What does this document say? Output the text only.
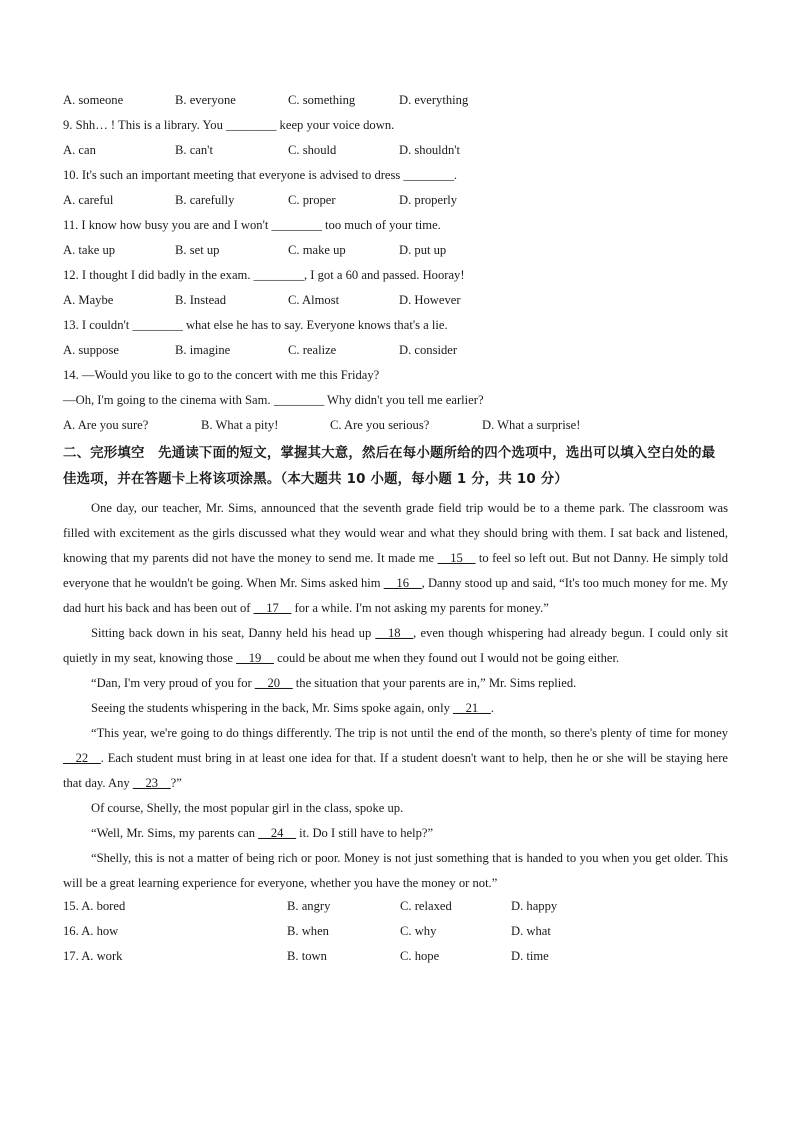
A. someone	B. everyone	C. something	D. everything
9. Shh… ! This is a library. You ________ keep your voice down.
A. can	B. can't	C. should	D. shouldn't
10. It's such an important meeting that everyone is advised to dress ________.
A. careful	B. carefully	C. proper	D. properly
11. I know how busy you are and I won't ________ too much of your time.
A. take up	B. set up	C. make up	D. put up
12. I thought I did badly in the exam. ________, I got a 60 and passed. Hooray!
A. Maybe	B. Instead	C. Almost	D. However
13. I couldn't ________ what else he has to say. Everyone knows that's a lie.
A. suppose	B. imagine	C. realize	D. consider
14. —Would you like to go to the concert with me this Friday?
—Oh, I'm going to the cinema with Sam. ________ Why didn't you tell me earlier?
A. Are you sure?	B. What a pity!	C. Are you serious?	D. What a surprise!
二、完形填空　先通读下面的短文，掌握其大意，然后在每小题所给的四个选项中，选出可以填入空白处的最佳选项，并在答题卡上将该项涂黑。（本大题共 10 小题，每小题 1 分，共 10 分）
One day, our teacher, Mr. Sims, announced that the seventh grade field trip would be to a theme park. The classroom was filled with excitement as the girls discussed what they would wear and what they should bring with them. I sat back and listened, knowing that my parents did not have the money to send me. It made me __15__ to feel so left out. But not Danny. He simply told everyone that he wouldn't be going. When Mr. Sims asked him __16__, Danny stood up and said, “It's too much money for me. My dad hurt his back and has been out of __17__ for a while. I'm not asking my parents for money.”
Sitting back down in his seat, Danny held his head up __18__, even though whispering had already begun. I could only sit quietly in my seat, knowing those __19__ could be about me when they found out I would not be going either.
“Dan, I'm very proud of you for __20__ the situation that your parents are in,” Mr. Sims replied.
Seeing the students whispering in the back, Mr. Sims spoke again, only __21__.
“This year, we're going to do things differently. The trip is not until the end of the month, so there's plenty of time for money __22__. Each student must bring in at least one idea for that. If a student doesn't want to help, then he or she will be staying here that day. Any __23__?”
Of course, Shelly, the most popular girl in the class, spoke up.
“Well, Mr. Sims, my parents can __24__ it. Do I still have to help?”
“Shelly, this is not a matter of being rich or poor. Money is not just something that is handed to you when you get older. This will be a great learning experience for everyone, whether you have the money or not.”
15. A. bored	B. angry	C. relaxed	D. happy
16. A. how	B. when	C. why	D. what
17. A. work	B. town	C. hope	D. time
